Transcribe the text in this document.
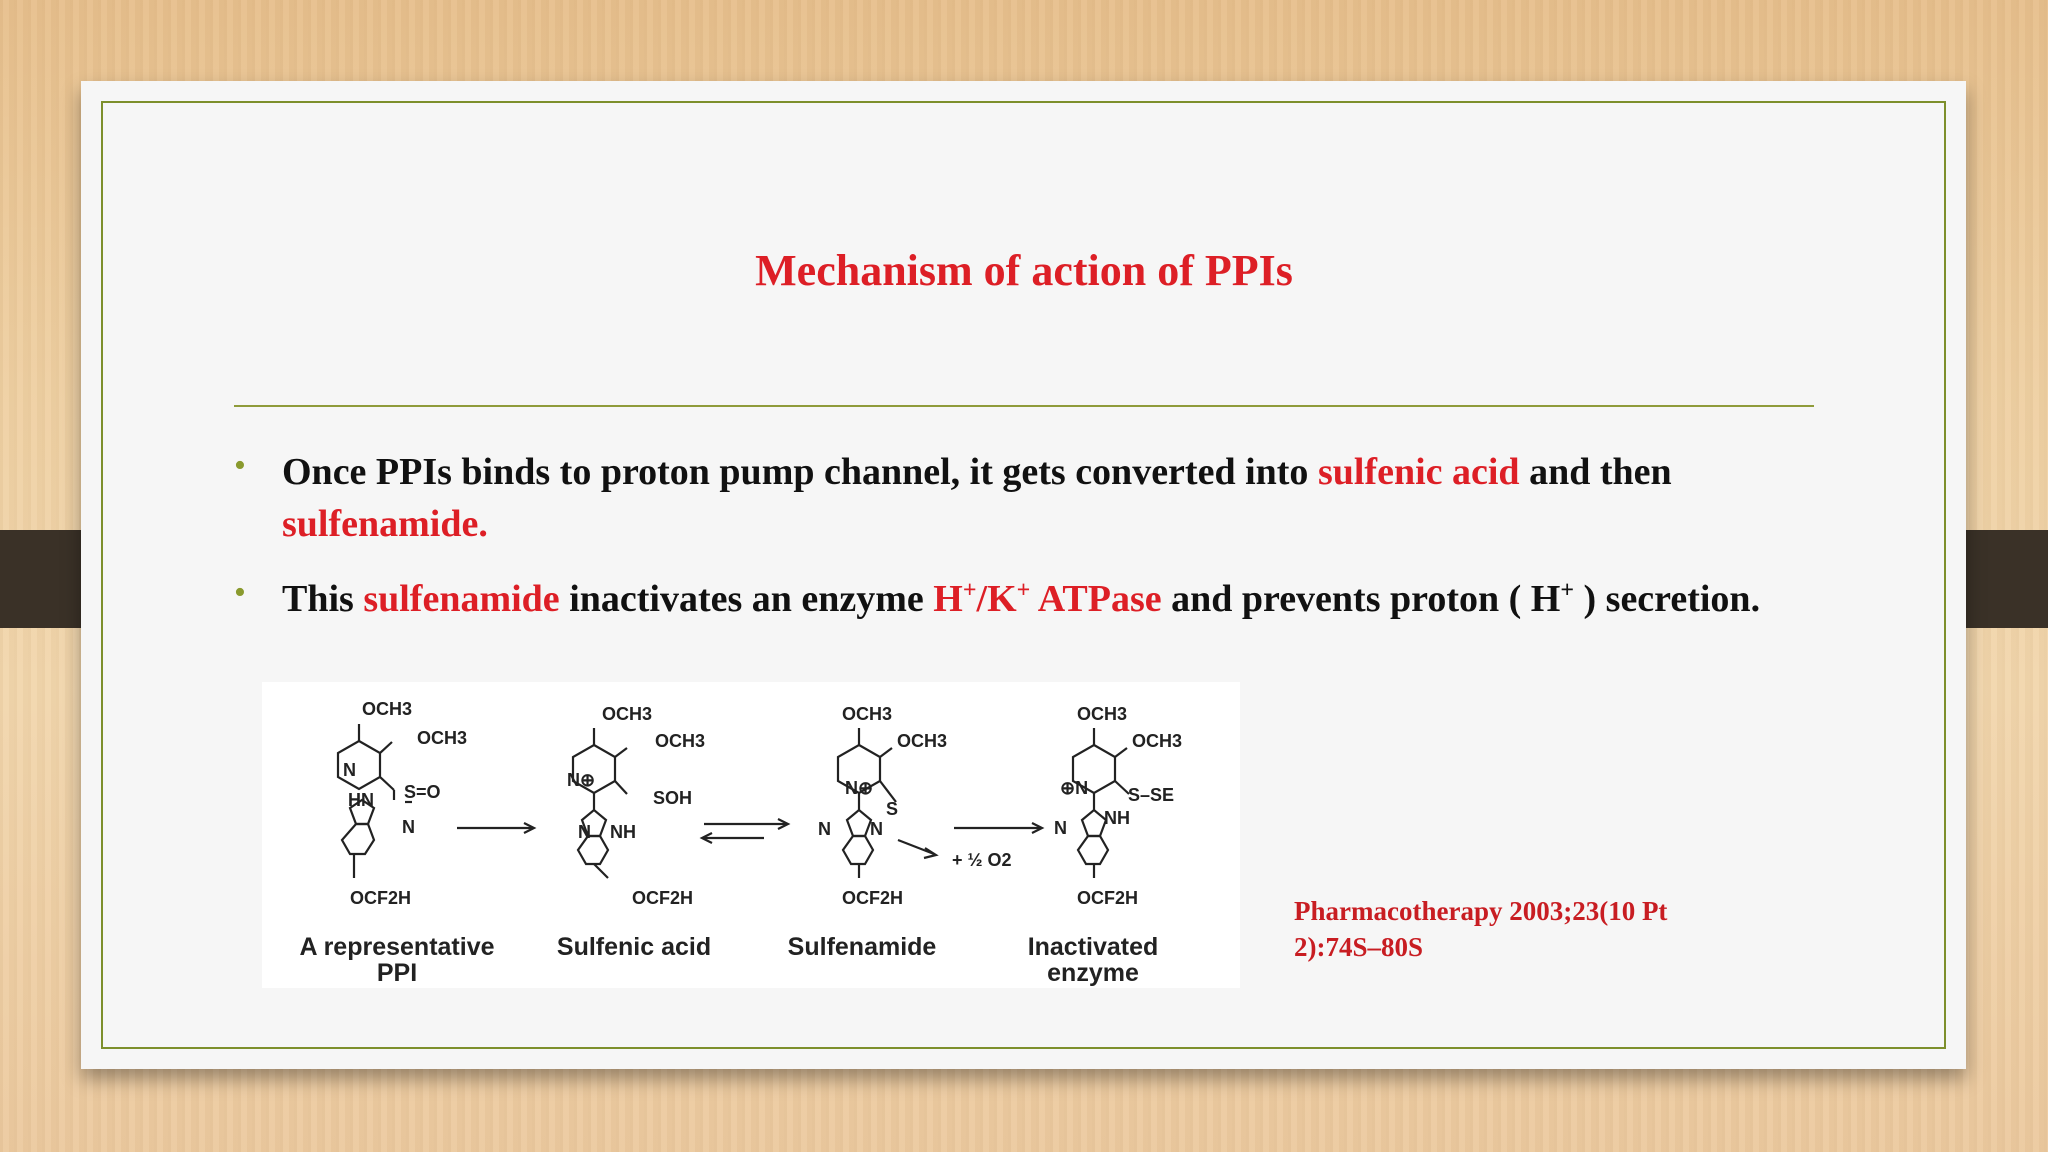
Mechanism of action of PPIs
• Once PPIs binds to proton pump channel, it gets converted into sulfenic acid and then sulfenamide.
• This sulfenamide inactivates an enzyme H+/K+ ATPase and prevents proton ( H+ ) secretion.
OCH3
OCH3
N
S=O
HN
N
OCF2H
OCH3
OCH3
N⊕
SOH
N NH
OCF2H
OCH3
OCH3
N⊕
S
N N
OCF2H
+ ½ O2
OCH3
OCH3
⊕N S–SE
N NH
OCF2H
A representative PPI
Sulfenic acid	Sulfenamide	Inactivated enzyme
Pharmacotherapy 2003;23(10 Pt 2):74S–80S
